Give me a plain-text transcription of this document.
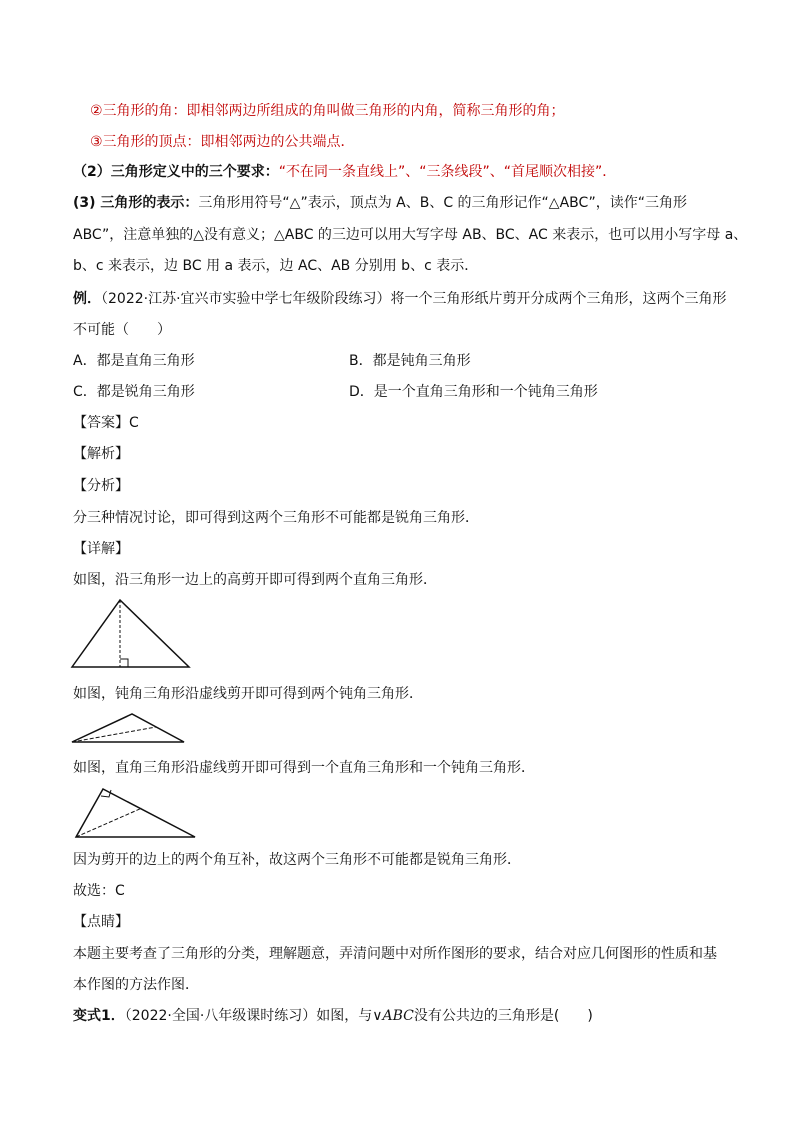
②三角形的角：即相邻两边所组成的角叫做三角形的内角，简称三角形的角；
③三角形的顶点：即相邻两边的公共端点．
（2）三角形定义中的三个要求：“不在同一条直线上”、“三条线段”、“首尾顺次相接”．
(3) 三角形的表示：三角形用符号“△”表示，顶点为 A、B、C 的三角形记作“△ABC”，读作“三角形
ABC”，注意单独的△没有意义；△ABC 的三边可以用大写字母 AB、BC、AC 来表示，也可以用小写字母 a、
b、c 来表示，边 BC 用 a 表示，边 AC、AB 分别用 b、c 表示．
例．（2022·江苏·宜兴市实验中学七年级阶段练习）将一个三角形纸片剪开分成两个三角形，这两个三角形
不可能（　　）
A．都是直角三角形	B．都是钝角三角形
C．都是锐角三角形	D．是一个直角三角形和一个钝角三角形
【答案】C
【解析】
【分析】
分三种情况讨论，即可得到这两个三角形不可能都是锐角三角形．
【详解】
如图，沿三角形一边上的高剪开即可得到两个直角三角形．
如图，钝角三角形沿虚线剪开即可得到两个钝角三角形．
如图，直角三角形沿虚线剪开即可得到一个直角三角形和一个钝角三角形．
因为剪开的边上的两个角互补，故这两个三角形不可能都是锐角三角形．
故选：C
【点睛】
本题主要考查了三角形的分类，理解题意，弄清问题中对所作图形的要求，结合对应几何图形的性质和基
本作图的方法作图．
变式1．（2022·全国·八年级课时练习）如图，与∨ABC没有公共边的三角形是(　　)
